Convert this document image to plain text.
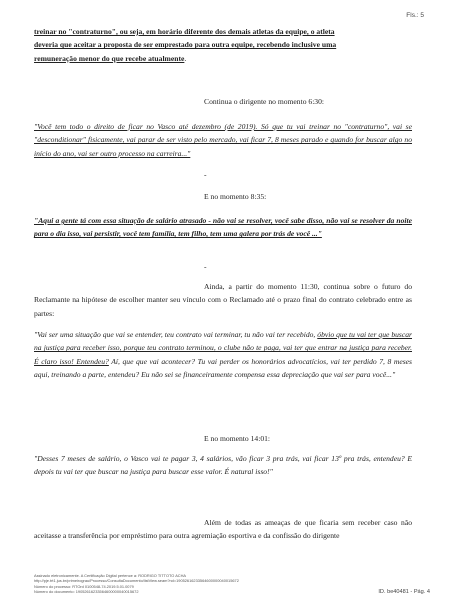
Fls.: 5
treinar no "contraturno", ou seja, em horário diferente dos demais atletas da equipe, o atleta
deveria que aceitar a proposta de ser emprestado para outra equipe, recebendo inclusive uma
remuneração menor do que recebe atualmente.
Continua o dirigente no momento 6:30:
"Você tem todo o direito de ficar no Vasco até dezembro (de 2019). Só que tu vai treinar no "contraturno", vai se "desconditionar" fisicamente, vai parar de ser visto pelo mercado, vai ficar 7, 8 meses parado e quando for buscar algo no início do ano, vai ser outro processo na carreira..."
-
E no momento 8:35:
"Aqui a gente tá com essa situação de salário atrasado - não vai se resolver, você sabe disso, não vai se resolver da noite para o dia isso, vai persistir, você tem família, tem filho, tem uma galera por trás de você ..."
-
Ainda, a partir do momento 11:30, continua sobre o futuro do Reclamante na hipótese de escolher manter seu vínculo com o Reclamado até o prazo final do contrato celebrado entre as partes:
"Vai ser uma situação que vai se entender, teu contrato vai terminar, tu não vai ter recebido, óbvio que tu vai ter que buscar na justiça para receber isso, porque teu contrato terminou, o clube não te paga, vai ter que entrar na justiça para receber. É claro isso! Entendeu? Aí, que que vai acontecer? Tu vai perder os honorários advocatícios, vai ter perdido 7, 8 meses aqui, treinando a parte, entendeu? Eu não sei se financeiramente compensa essa depreciação que vai ser para você..."
E no momento 14:01:
"Desses 7 meses de salário, o Vasco vai te pagar 3, 4 salários, vão ficar 3 pra trás, vai ficar 13º pra trás, entendeu? E depois tu vai ter que buscar na justiça para buscar esse valor. É natural isso!"
Além de todas as ameaças de que ficaria sem receber caso não aceitasse a transferência por empréstimo para outra agremiação esportiva e da confissão do dirigente
Assinado eletronicamente. A Certificação Digital pertence a: RODRIGO TITTOTO ACHA
http://pje.trt1.jus.br/primeirograu/Processo/ConsultaDocumento/listView.seam?nd=19052616233564600000040015672
Número do processo: RTOrd 0100548-74.2019.5.01.0079
Número do documento: 19052616233564600000040015672	ID. be40481 - Pág. 4
